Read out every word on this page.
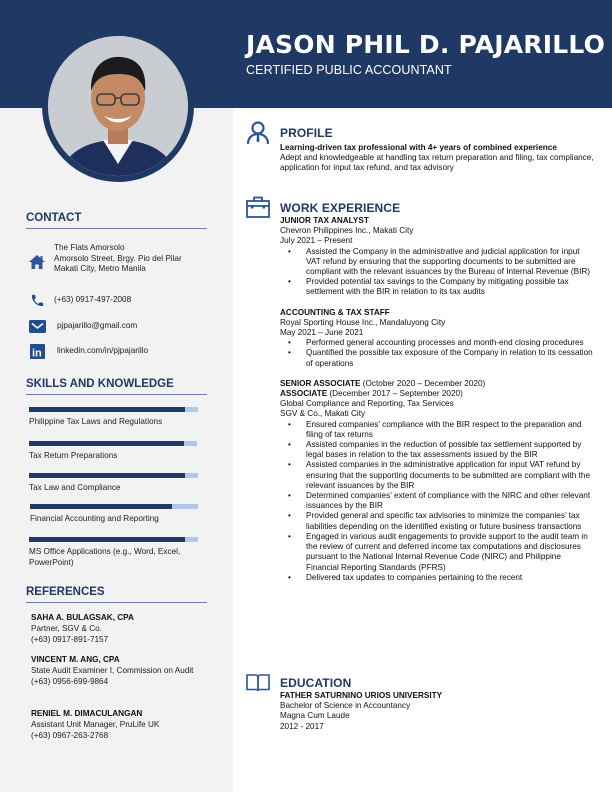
JASON PHIL D. PAJARILLO
CERTIFIED PUBLIC ACCOUNTANT
CONTACT
The Flats Amorsolo
Amorsolo Street, Brgy. Pio del Pilar
Makati City, Metro Manila
(+63) 0917-497-2008
pjpajarillo@gmail.com
in linkedin.com/in/pjpajarillo
SKILLS AND KNOWLEDGE
Philippine Tax Laws and Regulations
Tax Return Preparations
Tax Law and Compliance
Financial Accounting and Reporting
MS Office Applications (e.g., Word, Excel, PowerPoint)
REFERENCES
SAHA A. BULAGSAK, CPA
Partner, SGV & Co.
(+63) 0917-891-7157
VINCENT M. ANG, CPA
State Audit Examiner I, Commission on Audit
(+63) 0956-699-9864
RENIEL M. DIMACULANGAN
Assistant Unit Manager, PruLife UK
(+63) 0967-263-2768
PROFILE
Learning-driven tax professional with 4+ years of combined experience
Adept and knowledgeable at handling tax return preparation and filing, tax compliance, application for input tax refund, and tax advisory
WORK EXPERIENCE
JUNIOR TAX ANALYST
Chevron Philippines Inc., Makati City
July 2021 – Present
• Assisted the Company in the administrative and judicial application for input VAT refund by ensuring that the supporting documents to be submitted are compliant with the relevant issuances by the Bureau of Internal Revenue (BIR)
• Provided potential tax savings to the Company by mitigating possible tax settlement with the BIR in relation to its tax audits
ACCOUNTING & TAX STAFF
Royal Sporting House Inc., Mandaluyong City
May 2021 – June 2021
• Performed general accounting processes and month-end closing procedures
• Quantified the possible tax exposure of the Company in relation to its cessation of operations
SENIOR ASSOCIATE (October 2020 – December 2020)
ASSOCIATE (December 2017 – September 2020)
Global Compliance and Reporting, Tax Services
SGV & Co., Makati City
• Ensured companies’ compliance with the BIR respect to the preparation and filing of tax returns
• Assisted companies in the reduction of possible tax settlement supported by legal bases in relation to the tax assessments issued by the BIR
• Assisted companies in the administrative application for input VAT refund by ensuring that the supporting documents to be submitted are compliant with the relevant issuances by the BIR
• Determined companies’ extent of compliance with the NIRC and other relevant issuances by the BIR
• Provided general and specific tax advisories to minimize the companies’ tax liabilities depending on the identified existing or future business transactions
• Engaged in various audit engagements to provide support to the audit team in the review of current and deferred income tax computations and disclosures pursuant to the National Internal Revenue Code (NIRC) and Philippine Financial Reporting Standards (PFRS)
• Delivered tax updates to companies pertaining to the recent
EDUCATION
FATHER SATURNINO URIOS UNIVERSITY
Bachelor of Science in Accountancy
Magna Cum Laude
2012 - 2017
